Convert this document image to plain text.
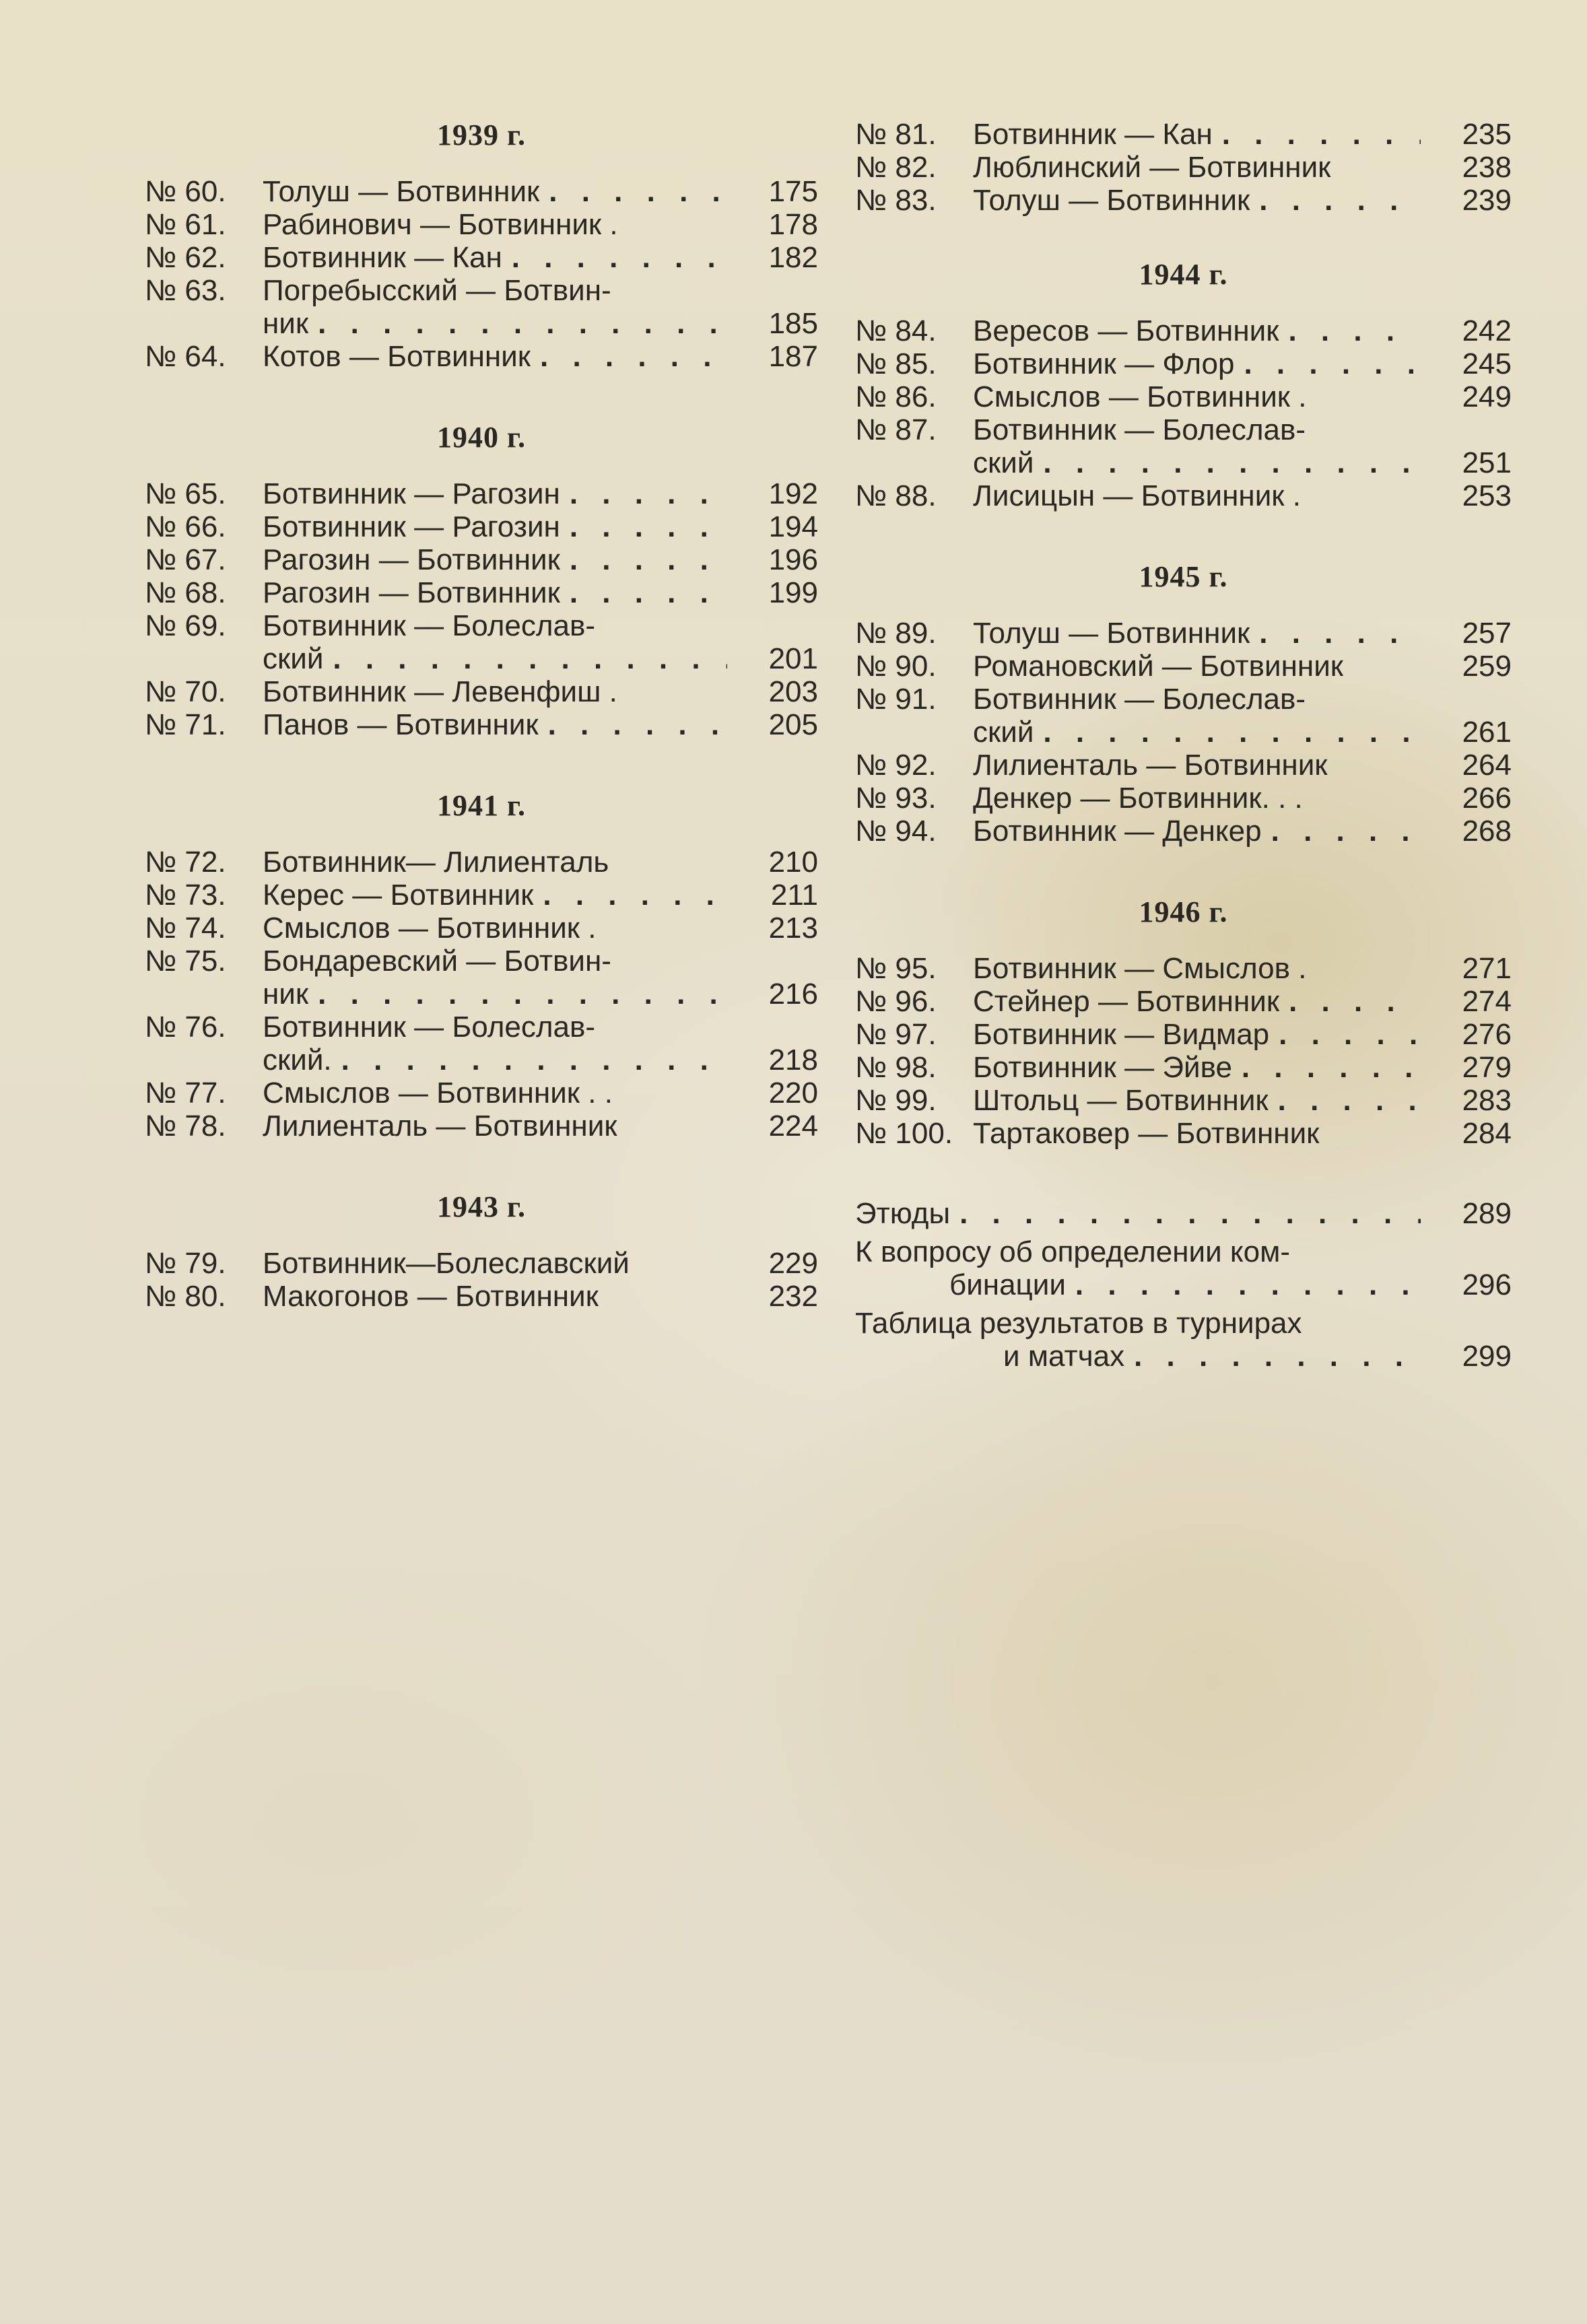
1939 г.
№ 60. Толуш — Ботвинник . . .	175
№ 61. Рабинович — Ботвинник .	178
№ 62. Ботвинник — Кан . . .	182
№ 63. Погребысский — Ботвин-
ник . . .	185
№ 64. Котов — Ботвинник . . .	187
1940 г.
№ 65. Ботвинник — Рагозин . . .	192
№ 66. Ботвинник — Рагозин . . .	194
№ 67. Рагозин — Ботвинник . . .	196
№ 68. Рагозин — Ботвинник . . .	199
№ 69. Ботвинник — Болеслав-
ский . . .	201
№ 70. Ботвинник — Левенфиш .	203
№ 71. Панов — Ботвинник . . .	205
1941 г.
№ 72. Ботвинник— Лилиенталь	210
№ 73. Керес — Ботвинник . . .	211
№ 74. Смыслов — Ботвинник .	213
№ 75. Бондаревский — Ботвин-
ник . . .	216
№ 76. Ботвинник — Болеслав-
ский. . . .	218
№ 77. Смыслов — Ботвинник . .	220
№ 78. Лилиенталь — Ботвинник	224
1943 г.
№ 79. Ботвинник—Болеславский	229
№ 80. Макогонов — Ботвинник	232
№ 81. Ботвинник — Кан . . .	235
№ 82. Люблинский — Ботвинник	238
№ 83. Толуш — Ботвинник . . .	239
1944 г.
№ 84. Вересов — Ботвинник . . .	242
№ 85. Ботвинник — Флор . . .	245
№ 86. Смыслов — Ботвинник .	249
№ 87. Ботвинник — Болеслав-
ский . . .	251
№ 88. Лисицын — Ботвинник .	253
1945 г.
№ 89. Толуш — Ботвинник . . .	257
№ 90. Романовский — Ботвинник	259
№ 91. Ботвинник — Болеслав-
ский . . .	261
№ 92. Лилиенталь — Ботвинник	264
№ 93. Денкер — Ботвинник. . .	266
№ 94. Ботвинник — Денкер . . .	268
1946 г.
№ 95. Ботвинник — Смыслов .	271
№ 96. Стейнер — Ботвинник . . .	274
№ 97. Ботвинник — Видмар . . .	276
№ 98. Ботвинник — Эйве . . .	279
№ 99. Штольц — Ботвинник . . .	283
№ 100. Тартаковер — Ботвинник	284
Этюды . . .	289
К вопросу об определении ком-
бинации . . .	296
Таблица результатов в турнирах
и матчах . . .	299
